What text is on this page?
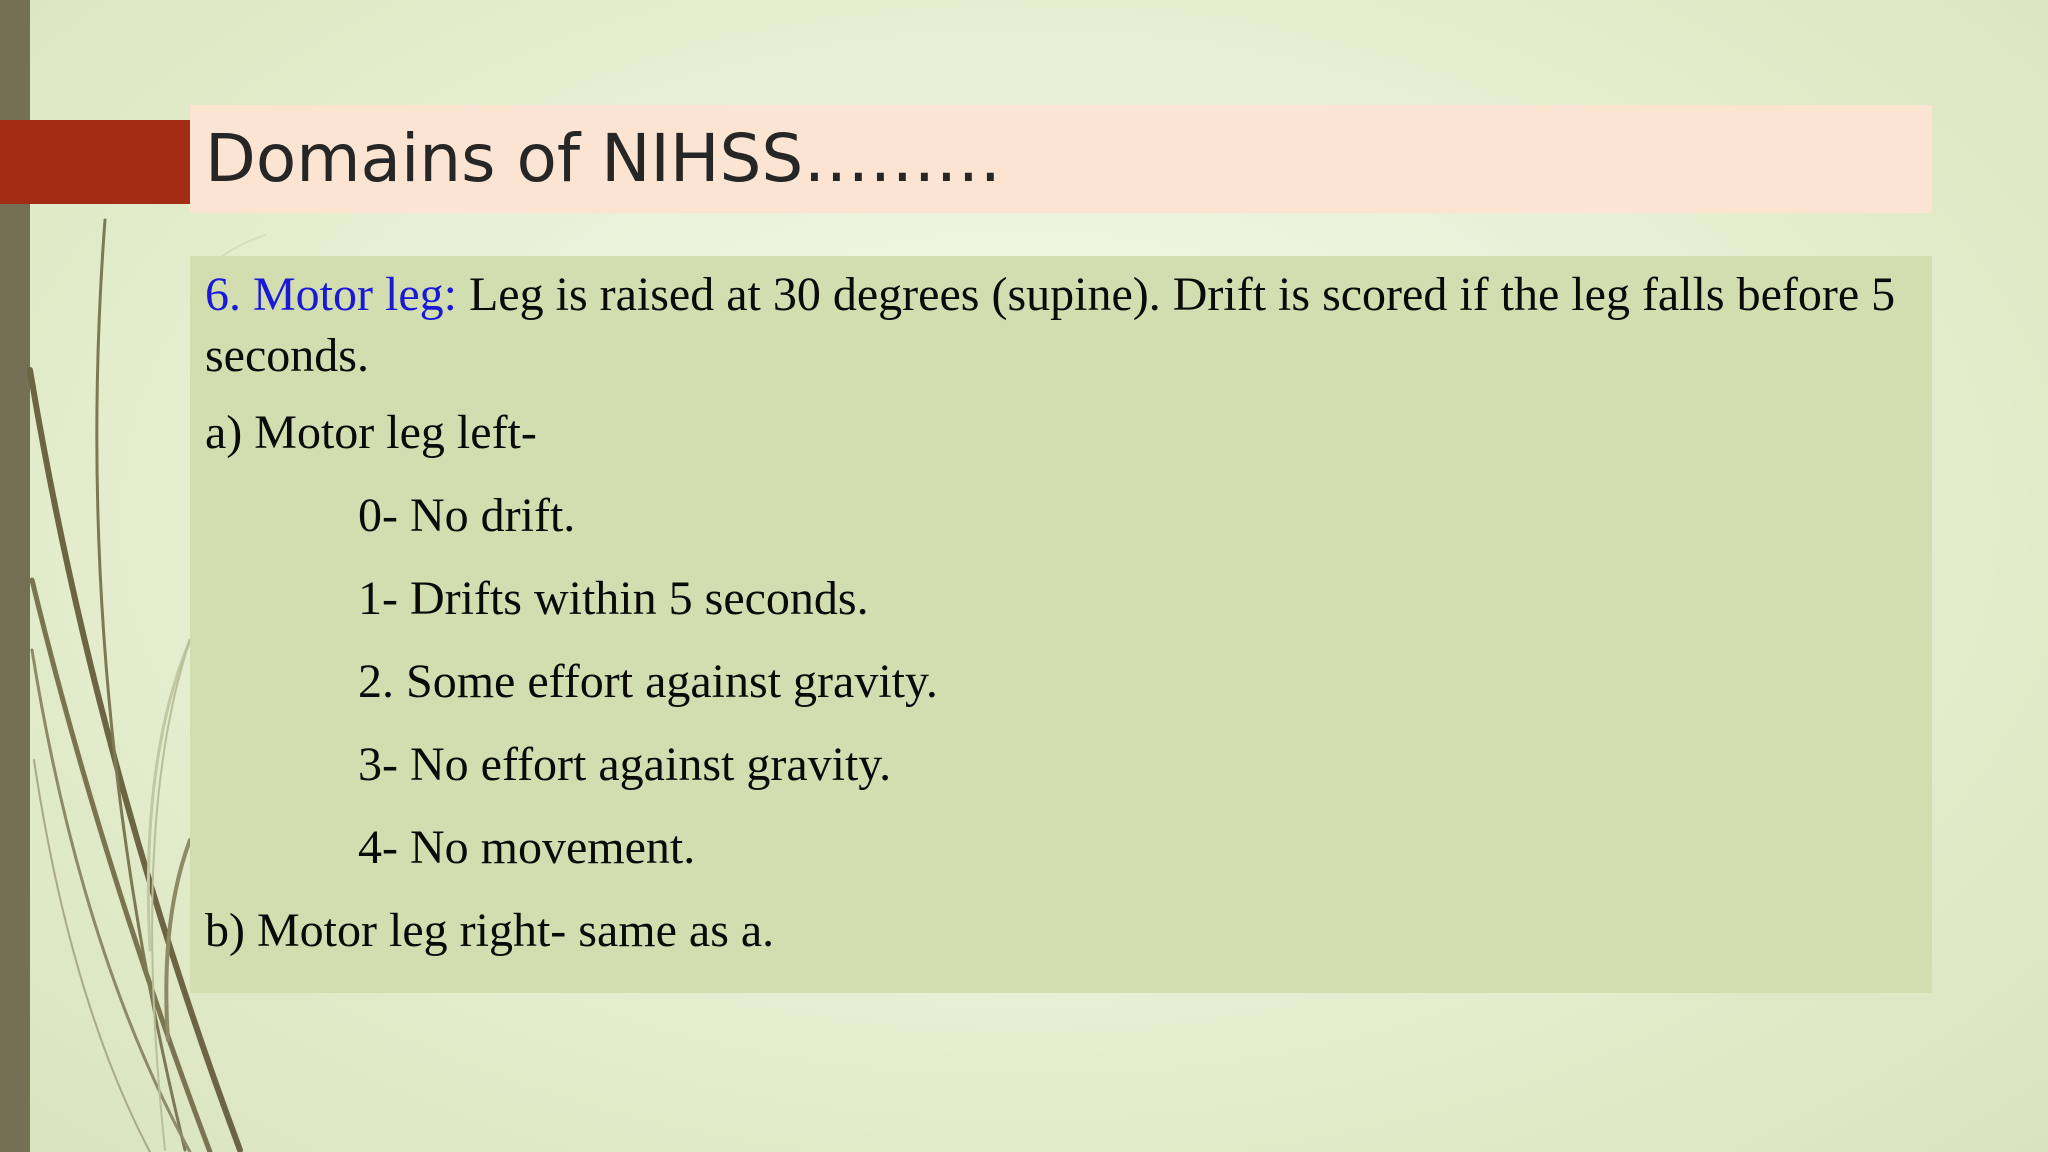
Domains of NIHSS………

6. Motor leg: Leg is raised at 30 degrees (supine). Drift is scored if the leg falls before 5 seconds.

a) Motor leg left-

0- No drift.

1- Drifts within 5 seconds.

2. Some effort against gravity.

3- No effort against gravity.

4- No movement.

b) Motor leg right- same as a.
